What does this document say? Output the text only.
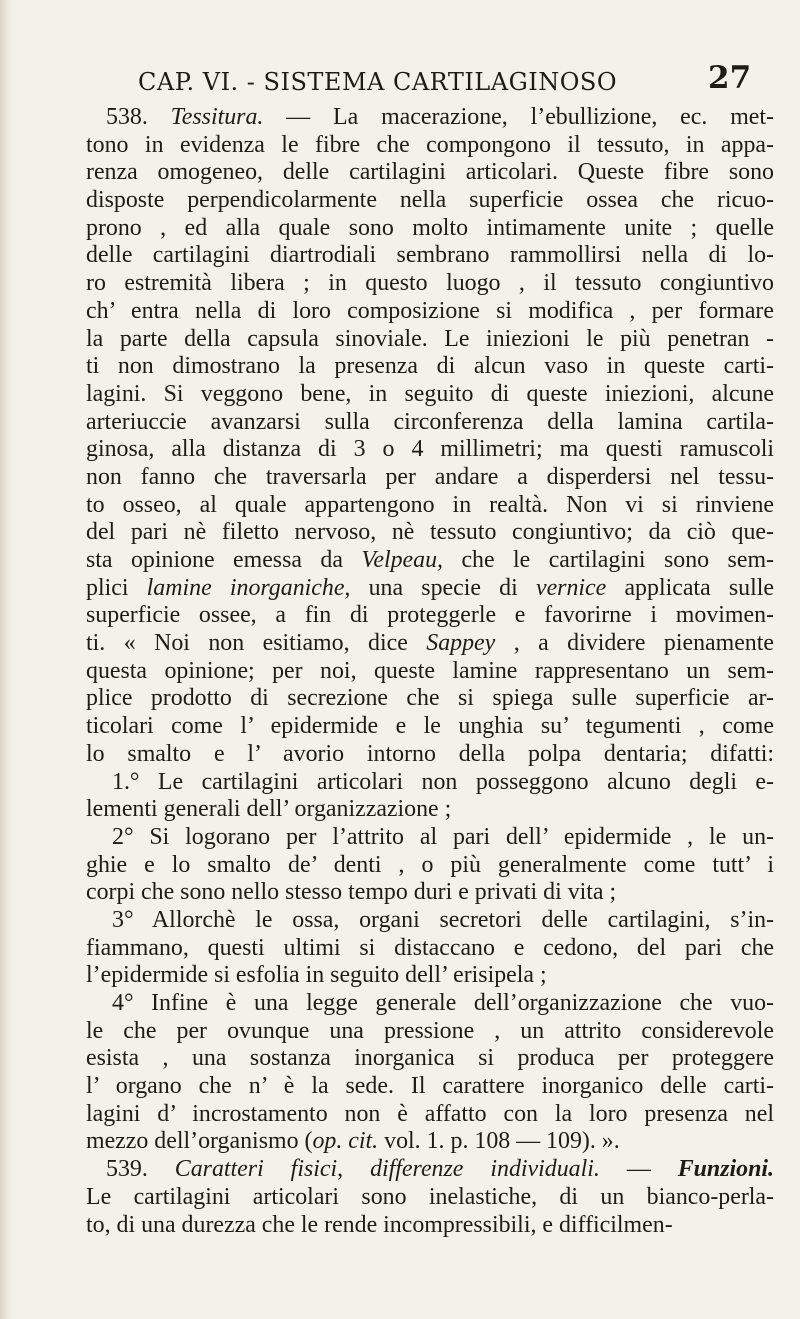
CAP. VI. - SISTEMA CARTILAGINOSO	27
538. Tessitura. — La macerazione, l’ebullizione, ec. met-
tono in evidenza le fibre che compongono il tessuto, in appa-
renza omogeneo, delle cartilagini articolari. Queste fibre sono
disposte perpendicolarmente nella superficie ossea che ricuo-
prono , ed alla quale sono molto intimamente unite ; quelle
delle cartilagini diartrodiali sembrano rammollirsi nella di lo-
ro estremità libera ; in questo luogo , il tessuto congiuntivo
ch’ entra nella di loro composizione si modifica , per formare
la parte della capsula sinoviale. Le iniezioni le più penetran -
ti non dimostrano la presenza di alcun vaso in queste carti-
lagini. Si veggono bene, in seguito di queste iniezioni, alcune
arteriuccie avanzarsi sulla circonferenza della lamina cartila-
ginosa, alla distanza di 3 o 4 millimetri; ma questi ramuscoli
non fanno che traversarla per andare a disperdersi nel tessu-
to osseo, al quale appartengono in realtà. Non vi si rinviene
del pari nè filetto nervoso, nè tessuto congiuntivo; da ciò que-
sta opinione emessa da Velpeau, che le cartilagini sono sem-
plici lamine inorganiche, una specie di vernice applicata sulle
superficie ossee, a fin di proteggerle e favorirne i movimen-
ti. « Noi non esitiamo, dice Sappey , a dividere pienamente
questa opinione; per noi, queste lamine rappresentano un sem-
plice prodotto di secrezione che si spiega sulle superficie ar-
ticolari come l’ epidermide e le unghia su’ tegumenti , come
lo smalto e l’ avorio intorno della polpa dentaria; difatti:
1.° Le cartilagini articolari non posseggono alcuno degli e-
lementi generali dell’ organizzazione ;
2° Si logorano per l’attrito al pari dell’ epidermide , le un-
ghie e lo smalto de’ denti , o più generalmente come tutt’ i
corpi che sono nello stesso tempo duri e privati di vita ;
3° Allorchè le ossa, organi secretori delle cartilagini, s’in-
fiammano, questi ultimi si distaccano e cedono, del pari che
l’epidermide si esfolia in seguito dell’ erisipela ;
4° Infine è una legge generale dell’organizzazione che vuo-
le che per ovunque una pressione , un attrito considerevole
esista , una sostanza inorganica si produca per proteggere
l’ organo che n’ è la sede. Il carattere inorganico delle carti-
lagini d’ incrostamento non è affatto con la loro presenza nel
mezzo dell’organismo (op. cit. vol. 1. p. 108 — 109). ».
539. Caratteri fisici, differenze individuali. — Funzioni.
Le cartilagini articolari sono inelastiche, di un bianco-perla-
to, di una durezza che le rende incompressibili, e difficilmen-
